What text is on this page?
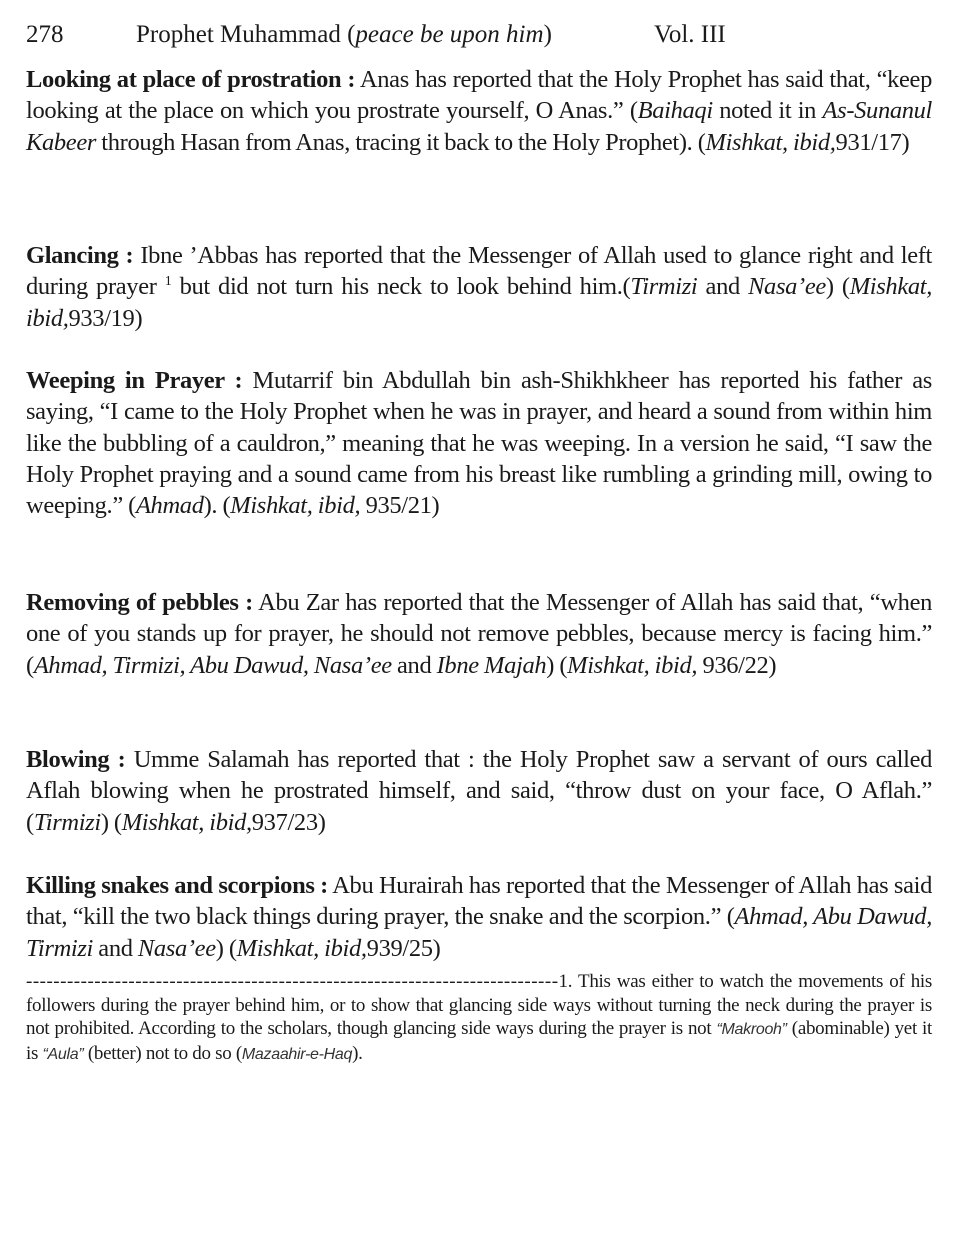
278	Prophet Muhammad (peace be upon him)	Vol. III

Looking at place of prostration : Anas has reported that the Holy Prophet has said that, “keep looking at the place on which you prostrate yourself, O Anas.” (Baihaqi noted it in As-Sunanul Kabeer through Hasan from Anas, tracing it back to the Holy Prophet). (Mishkat, ibid,931/17)

Glancing : Ibne ’Abbas has reported that the Messenger of Allah used to glance right and left during prayer $^1$ but did not turn his neck to look behind him.(Tirmizi and Nasa’ee) (Mishkat, ibid,933/19)

Weeping in Prayer : Mutarrif bin Abdullah bin ash-Shikhkheer has reported his father as saying, “I came to the Holy Prophet when he was in prayer, and heard a sound from within him like the bubbling of a cauldron,” meaning that he was weeping. In a version he said, “I saw the Holy Prophet praying and a sound came from his breast like rumbling a grinding mill, owing to weeping.” (Ahmad). (Mishkat, ibid, 935/21)

Removing of pebbles : Abu Zar has reported that the Messenger of Allah has said that, “when one of you stands up for prayer, he should not remove pebbles, because mercy is facing him.” (Ahmad, Tirmizi, Abu Dawud, Nasa’ee and Ibne Majah) (Mishkat, ibid, 936/22)

Blowing : Umme Salamah has reported that : the Holy Prophet saw a servant of ours called Aflah blowing when he prostrated himself, and said, “throw dust on your face, O Aflah.” (Tirmizi) (Mishkat, ibid,937/23)

Killing snakes and scorpions : Abu Hurairah has reported that the Messenger of Allah has said that, “kill the two black things during prayer, the snake and the scorpion.” (Ahmad, Abu Dawud, Tirmizi and Nasa’ee) (Mishkat, ibid,939/25)

------------------------------------------------------------------------------1. This was either to watch the movements of his followers during the prayer behind him, or to show that glancing side ways without turning the neck during the prayer is not prohibited. According to the scholars, though glancing side ways during the prayer is not “Makrooh” (abominable) yet it is “Aula” (better) not to do so (Mazaahir-e-Haq).
